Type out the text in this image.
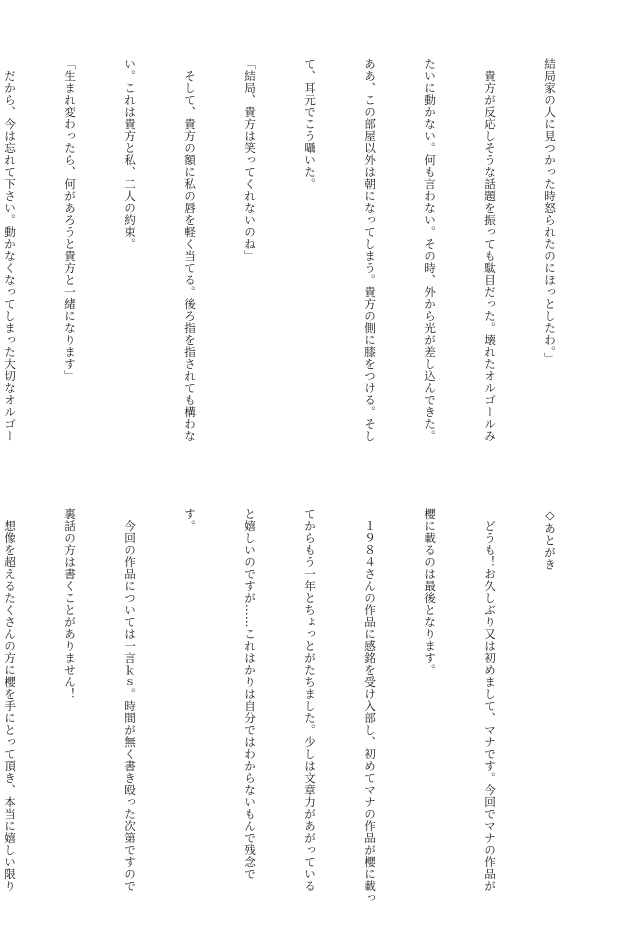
結局家の人に見つかった時怒られたのにほっとしたわ。」

　貴方が反応しそうな話題を振っても駄目だった。壊れたオルゴールみ

たいに動かない。何も言わない。その時、外から光が差し込んできた。

ああ、この部屋以外は朝になってしまう。貴方の側に膝をつける。そし

て、耳元でこう囁いた。

「結局、貴方は笑ってくれないのね」

　そして、貴方の額に私の唇を軽く当てる。後ろ指を指されても構わな

い。これは貴方と私、二人の約束。

「生まれ変わったら、何があろうと貴方と一緒になります」

　だから、今は忘れて下さい。動かなくなってしまった大切なオルゴー

◇あとがき

　どうも！お久しぶり又は初めまして、マナです。今回でマナの作品が

櫻に載るのは最後となります。

　１９８４さんの作品に感銘を受け入部し、初めてマナの作品が櫻に載っ

てからもう一年とちょっとがたちました。少しは文章力があがっている

と嬉しいのですが……これはかりは自分ではわからないもんで残念で

す。

　今回の作品については一言ｋｓ。時間が無く書き殴った次第ですので

裏話の方は書くことがありません！

　想像を超えるたくさんの方に櫻を手にとって頂き、本当に嬉しい限り
